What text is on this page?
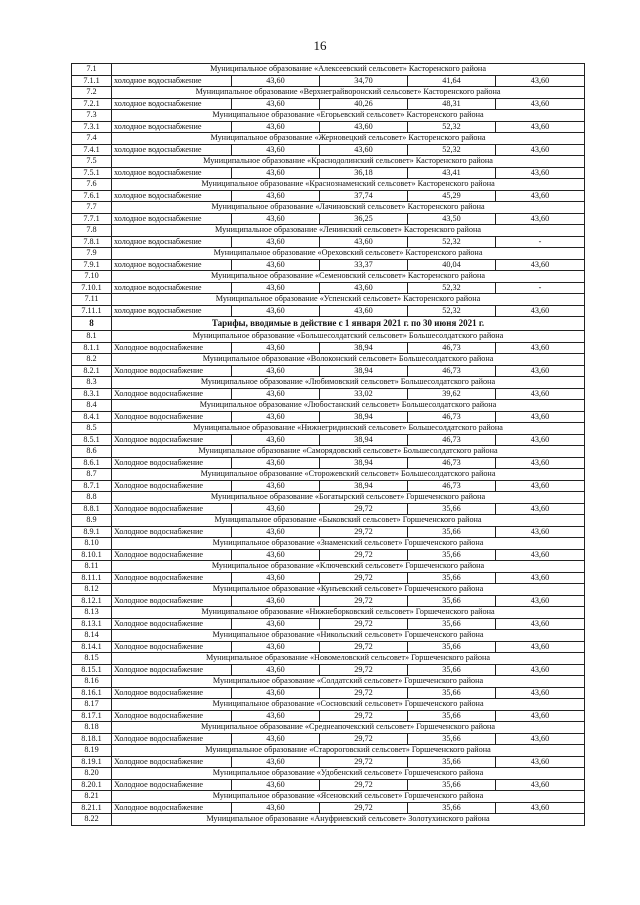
16
7.1	Муниципальное образование «Алексеевский сельсовет» Касторенского района				
7.1.1	холодное водоснабжение	43,60	34,70	41,64	43,60
7.2	Муниципальное образование «Верхнеграйворонский сельсовет» Касторенского района				
7.2.1	холодное водоснабжение	43,60	40,26	48,31	43,60
7.3	Муниципальное образование «Егорьевский сельсовет» Касторенского района				
7.3.1	холодное водоснабжение	43,60	43,60	52,32	43,60
7.4	Муниципальное образование «Жерновецкий сельсовет» Касторенского района				
7.4.1	холодное водоснабжение	43,60	43,60	52,32	43,60
7.5	Муниципальное образование «Краснодолинский сельсовет» Касторенского района				
7.5.1	холодное водоснабжение	43,60	36,18	43,41	43,60
7.6	Муниципальное образование «Краснознаменский сельсовет» Касторенского района				
7.6.1	холодное водоснабжение	43,60	37,74	45,29	43,60
7.7	Муниципальное образование «Лачиновский сельсовет» Касторенского района				
7.7.1	холодное водоснабжение	43,60	36,25	43,50	43,60
7.8	Муниципальное образование «Ленинский сельсовет» Касторенского района				
7.8.1	холодное водоснабжение	43,60	43,60	52,32	-
7.9	Муниципальное образование «Ореховский сельсовет» Касторенского района				
7.9.1	холодное водоснабжение	43,60	33,37	40,04	43,60
7.10	Муниципальное образование «Семеновский сельсовет» Касторенского района				
7.10.1	холодное водоснабжение	43,60	43,60	52,32	-
7.11	Муниципальное образование «Успенский сельсовет» Касторенского района				
7.11.1	холодное водоснабжение	43,60	43,60	52,32	43,60
8	Тарифы, вводимые в действие с 1 января 2021 г. по 30 июня 2021 г.				
8.1	Муниципальное образование «Большесолдатский сельсовет» Большесолдатского района				
8.1.1	Холодное водоснабжение	43,60	38,94	46,73	43,60
8.2	Муниципальное образование «Волоконский сельсовет» Большесолдатского района				
8.2.1	Холодное водоснабжение	43,60	38,94	46,73	43,60
8.3	Муниципальное образование «Любимовский сельсовет» Большесолдатского района				
8.3.1	Холодное водоснабжение	43,60	33,02	39,62	43,60
8.4	Муниципальное образование «Любостанский сельсовет» Большесолдатского района				
8.4.1	Холодное водоснабжение	43,60	38,94	46,73	43,60
8.5	Муниципальное образование «Нижнегридинский сельсовет» Большесолдатского района				
8.5.1	Холодное водоснабжение	43,60	38,94	46,73	43,60
8.6	Муниципальное образование «Саморядовский сельсовет» Большесолдатского района				
8.6.1	Холодное водоснабжение	43,60	38,94	46,73	43,60
8.7	Муниципальное образование «Сторожевский сельсовет» Большесолдатского района				
8.7.1	Холодное водоснабжение	43,60	38,94	46,73	43,60
8.8	Муниципальное образование «Богатырский сельсовет» Горшеченского района				
8.8.1	Холодное водоснабжение	43,60	29,72	35,66	43,60
8.9	Муниципальное образование «Быковский сельсовет» Горшеченского района				
8.9.1	Холодное водоснабжение	43,60	29,72	35,66	43,60
8.10	Муниципальное образование «Знаменский сельсовет» Горшеченского района				
8.10.1	Холодное водоснабжение	43,60	29,72	35,66	43,60
8.11	Муниципальное образование «Ключевский сельсовет» Горшеченского района				
8.11.1	Холодное водоснабжение	43,60	29,72	35,66	43,60
8.12	Муниципальное образование «Кунъевский сельсовет» Горшеченского района				
8.12.1	Холодное водоснабжение	43,60	29,72	35,66	43,60
8.13	Муниципальное образование «Нижнеборковский сельсовет» Горшеченского района				
8.13.1	Холодное водоснабжение	43,60	29,72	35,66	43,60
8.14	Муниципальное образование «Никольский сельсовет» Горшеченского района				
8.14.1	Холодное водоснабжение	43,60	29,72	35,66	43,60
8.15	Муниципальное образование «Новомеловский сельсовет» Горшеченского района				
8.15.1	Холодное водоснабжение	43,60	29,72	35,66	43,60
8.16	Муниципальное образование «Солдатский сельсовет» Горшеченского района				
8.16.1	Холодное водоснабжение	43,60	29,72	35,66	43,60
8.17	Муниципальное образование «Сосновский сельсовет» Горшеченского района				
8.17.1	Холодное водоснабжение	43,60	29,72	35,66	43,60
8.18	Муниципальное образование «Среднеапочекский сельсовет» Горшеченского района				
8.18.1	Холодное водоснабжение	43,60	29,72	35,66	43,60
8.19	Муниципальное образование «Старороговский сельсовет» Горшеченского района				
8.19.1	Холодное водоснабжение	43,60	29,72	35,66	43,60
8.20	Муниципальное образование «Удобенский сельсовет» Горшеченского района				
8.20.1	Холодное водоснабжение	43,60	29,72	35,66	43,60
8.21	Муниципальное образование «Ясеновский сельсовет» Горшеченского района				
8.21.1	Холодное водоснабжение	43,60	29,72	35,66	43,60
8.22	Муниципальное образование «Ануфриевский сельсовет» Золотухинского района				
